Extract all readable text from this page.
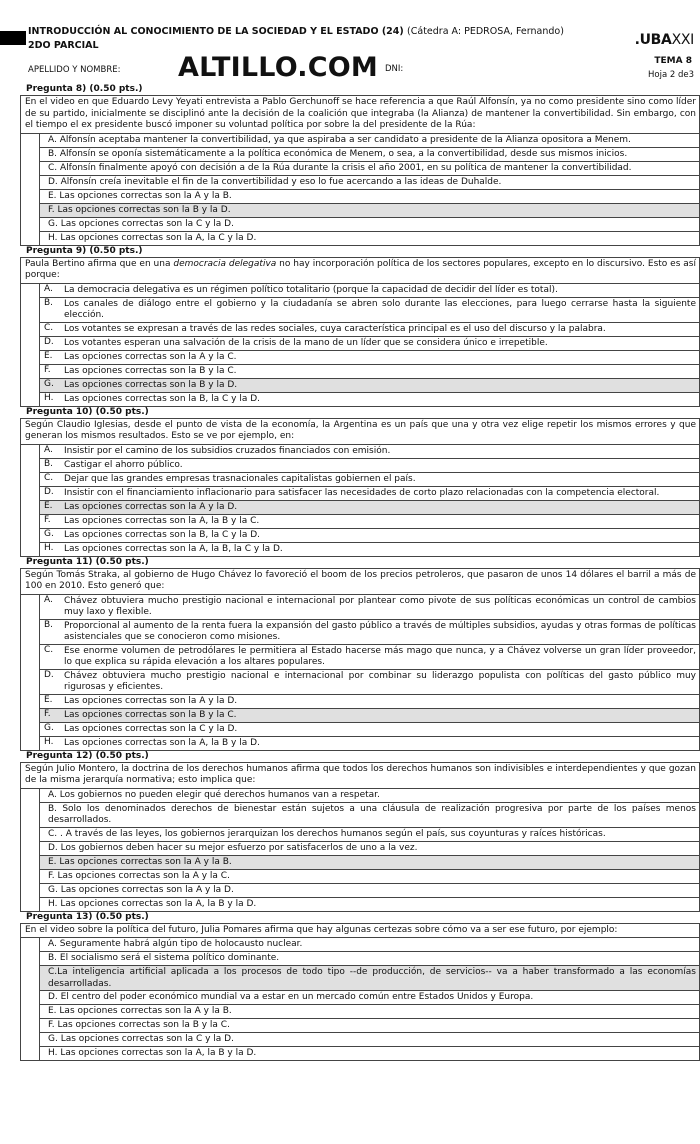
INTRODUCCIÓN AL CONOCIMIENTO DE LA SOCIEDAD Y EL ESTADO (24) (Cátedra A: PEDROSA, Fernando)
2DO PARCIAL	.UBAXXI
APELLIDO Y NOMBRE: ALTILLO.COM DNI:
TEMA 8
Hoja 2 de3
Pregunta 8) (0.50 pts.)
En el video en que Eduardo Levy Yeyati entrevista a Pablo Gerchunoff se hace referencia a que Raúl Alfonsín, ya no como presidente sino como líder de su partido, inicialmente se disciplinó ante la decisión de la coalición que integraba (la Alianza) de mantener la convertibilidad. Sin embargo, con el tiempo el ex presidente buscó imponer su voluntad política por sobre la del presidente de la Rúa:
A. Alfonsín aceptaba mantener la convertibilidad, ya que aspiraba a ser candidato a presidente de la Alianza opositora a Menem.
B. Alfonsín se oponía sistemáticamente a la política económica de Menem, o sea, a la convertibilidad, desde sus mismos inicios.
C. Alfonsín finalmente apoyó con decisión a de la Rúa durante la crisis el año 2001, en su política de mantener la convertibilidad.
D. Alfonsín creía inevitable el fin de la convertibilidad y eso lo fue acercando a las ideas de Duhalde.
E. Las opciones correctas son la A y la B.
F. Las opciones correctas son la B y la D.
G. Las opciones correctas son la C y la D.
H. Las opciones correctas son la A, la C y la D.
Pregunta 9) (0.50 pts.)
Paula Bertino afirma que en una democracia delegativa no hay incorporación política de los sectores populares, excepto en lo discursivo. Esto es así porque:
A.	La democracia delegativa es un régimen político totalitario (porque la capacidad de decidir del líder es total).
B.	Los canales de diálogo entre el gobierno y la ciudadanía se abren solo durante las elecciones, para luego cerrarse hasta la siguiente elección.
C.	Los votantes se expresan a través de las redes sociales, cuya característica principal es el uso del discurso y la palabra.
D.	Los votantes esperan una salvación de la crisis de la mano de un líder que se considera único e irrepetible.
E.	Las opciones correctas son la A y la C.
F.	Las opciones correctas son la B y la C.
G.	Las opciones correctas son la B y la D.
H.	Las opciones correctas son la B, la C y la D.
Pregunta 10) (0.50 pts.)
Según Claudio Iglesias, desde el punto de vista de la economía, la Argentina es un país que una y otra vez elige repetir los mismos errores y que generan los mismos resultados. Esto se ve por ejemplo, en:
A.	Insistir por el camino de los subsidios cruzados financiados con emisión.
B.	Castigar el ahorro público.
C.	Dejar que las grandes empresas trasnacionales capitalistas gobiernen el país.
D.	Insistir con el financiamiento inflacionario para satisfacer las necesidades de corto plazo relacionadas con la competencia electoral.
E.	Las opciones correctas son la A y la D.
F.	Las opciones correctas son la A, la B y la C.
G.	Las opciones correctas son la B, la C y la D.
H.	Las opciones correctas son la A, la B, la C y la D.
Pregunta 11) (0.50 pts.)
Según Tomás Straka, al gobierno de Hugo Chávez lo favoreció el boom de los precios petroleros, que pasaron de unos 14 dólares el barril a más de 100 en 2010. Esto generó que:
A.	Chávez obtuviera mucho prestigio nacional e internacional por plantear como pivote de sus políticas económicas un control de cambios muy laxo y flexible.
B.	Proporcional al aumento de la renta fuera la expansión del gasto público a través de múltiples subsidios, ayudas y otras formas de políticas asistenciales que se conocieron como misiones.
C.	Ese enorme volumen de petrodólares le permitiera al Estado hacerse más mago que nunca, y a Chávez volverse un gran líder proveedor, lo que explica su rápida elevación a los altares populares.
D.	Chávez obtuviera mucho prestigio nacional e internacional por combinar su liderazgo populista con políticas del gasto público muy rigurosas y eficientes.
E.	Las opciones correctas son la A y la D.
F.	Las opciones correctas son la B y la C.
G.	Las opciones correctas son la C y la D.
H.	Las opciones correctas son la A, la B y la D.
Pregunta 12) (0.50 pts.)
Según Julio Montero, la doctrina de los derechos humanos afirma que todos los derechos humanos son indivisibles e interdependientes y que gozan de la misma jerarquía normativa; esto implica que:
A. Los gobiernos no pueden elegir qué derechos humanos van a respetar.
B. Solo los denominados derechos de bienestar están sujetos a una cláusula de realización progresiva por parte de los países menos desarrollados.
C. . A través de las leyes, los gobiernos jerarquizan los derechos humanos según el país, sus coyunturas y raíces históricas.
D. Los gobiernos deben hacer su mejor esfuerzo por satisfacerlos de uno a la vez.
E. Las opciones correctas son la A y la B.
F. Las opciones correctas son la A y la C.
G. Las opciones correctas son la A y la D.
H. Las opciones correctas son la A, la B y la D.
Pregunta 13) (0.50 pts.)
En el video sobre la política del futuro, Julia Pomares afirma que hay algunas certezas sobre cómo va a ser ese futuro, por ejemplo:
A. Seguramente habrá algún tipo de holocausto nuclear.
B. El socialismo será el sistema político dominante.
C.La inteligencia artificial aplicada a los procesos de todo tipo --de producción, de servicios-- va a haber transformado a las economías desarrolladas.
D. El centro del poder económico mundial va a estar en un mercado común entre Estados Unidos y Europa.
E. Las opciones correctas son la A y la B.
F. Las opciones correctas son la B y la C.
G. Las opciones correctas son la C y la D.
H. Las opciones correctas son la A, la B y la D.
